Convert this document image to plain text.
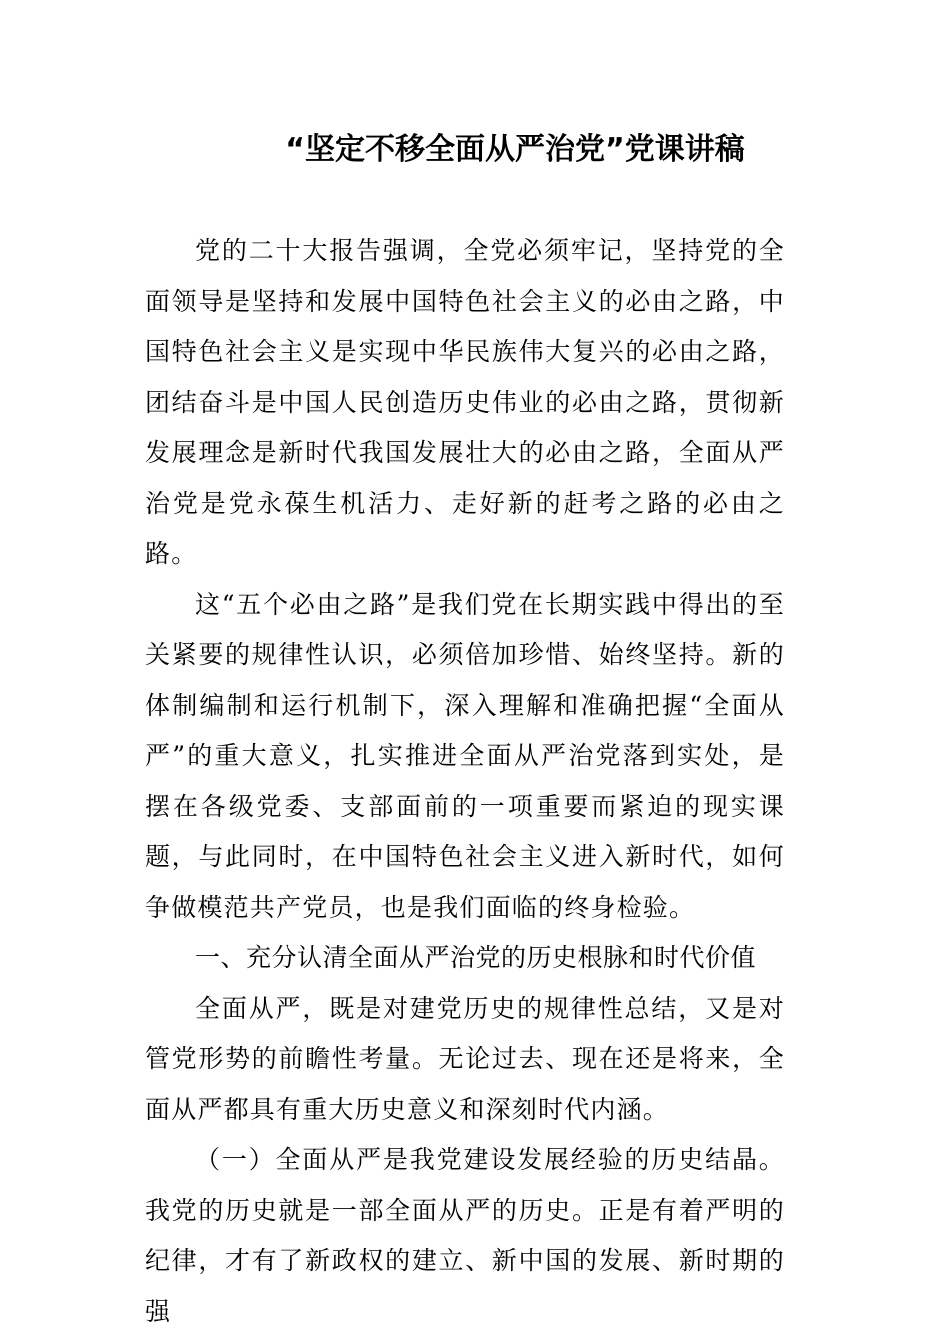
“坚定不移全面从严治党”党课讲稿

党的二十大报告强调，全党必须牢记，坚持党的全面领导是坚持和发展中国特色社会主义的必由之路，中国特色社会主义是实现中华民族伟大复兴的必由之路，团结奋斗是中国人民创造历史伟业的必由之路，贯彻新发展理念是新时代我国发展壮大的必由之路，全面从严治党是党永葆生机活力、走好新的赶考之路的必由之路。

这“五个必由之路”是我们党在长期实践中得出的至关紧要的规律性认识，必须倍加珍惜、始终坚持。新的体制编制和运行机制下，深入理解和准确把握“全面从严”的重大意义，扎实推进全面从严治党落到实处，是摆在各级党委、支部面前的一项重要而紧迫的现实课题，与此同时，在中国特色社会主义进入新时代，如何争做模范共产党员，也是我们面临的终身检验。

一、充分认清全面从严治党的历史根脉和时代价值

全面从严，既是对建党历史的规律性总结，又是对管党形势的前瞻性考量。无论过去、现在还是将来，全面从严都具有重大历史意义和深刻时代内涵。

（一）全面从严是我党建设发展经验的历史结晶。我党的历史就是一部全面从严的历史。正是有着严明的纪律，才有了新政权的建立、新中国的发展、新时期的强
